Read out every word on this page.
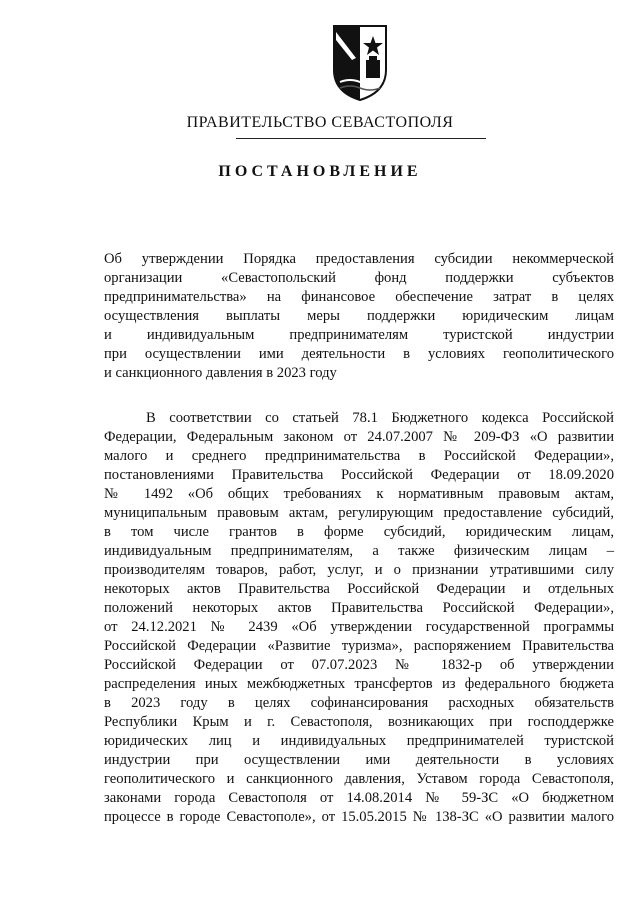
ПРАВИТЕЛЬСТВО СЕВАСТОПОЛЯ
ПОСТАНОВЛЕНИЕ
Об утверждении Порядка предоставления субсидии некоммерческой
организации «Севастопольский фонд поддержки субъектов
предпринимательства» на финансовое обеспечение затрат в целях
осуществления выплаты меры поддержки юридическим лицам
и индивидуальным предпринимателям туристской индустрии
при осуществлении ими деятельности в условиях геополитического
и санкционного давления в 2023 году
В соответствии со статьей 78.1 Бюджетного кодекса Российской
Федерации, Федеральным законом от 24.07.2007 № 209-ФЗ «О развитии
малого и среднего предпринимательства в Российской Федерации»,
постановлениями Правительства Российской Федерации от 18.09.2020
№ 1492 «Об общих требованиях к нормативным правовым актам,
муниципальным правовым актам, регулирующим предоставление субсидий,
в том числе грантов в форме субсидий, юридическим лицам,
индивидуальным предпринимателям, а также физическим лицам –
производителям товаров, работ, услуг, и о признании утратившими силу
некоторых актов Правительства Российской Федерации и отдельных
положений некоторых актов Правительства Российской Федерации»,
от 24.12.2021 № 2439 «Об утверждении государственной программы
Российской Федерации «Развитие туризма», распоряжением Правительства
Российской Федерации от 07.07.2023 № 1832-р об утверждении
распределения иных межбюджетных трансфертов из федерального бюджета
в 2023 году в целях софинансирования расходных обязательств
Республики Крым и г. Севастополя, возникающих при господдержке
юридических лиц и индивидуальных предпринимателей туристской
индустрии при осуществлении ими деятельности в условиях
геополитического и санкционного давления, Уставом города Севастополя,
законами города Севастополя от 14.08.2014 № 59-ЗС «О бюджетном
процессе в городе Севастополе», от 15.05.2015 № 138-ЗС «О развитии малого
